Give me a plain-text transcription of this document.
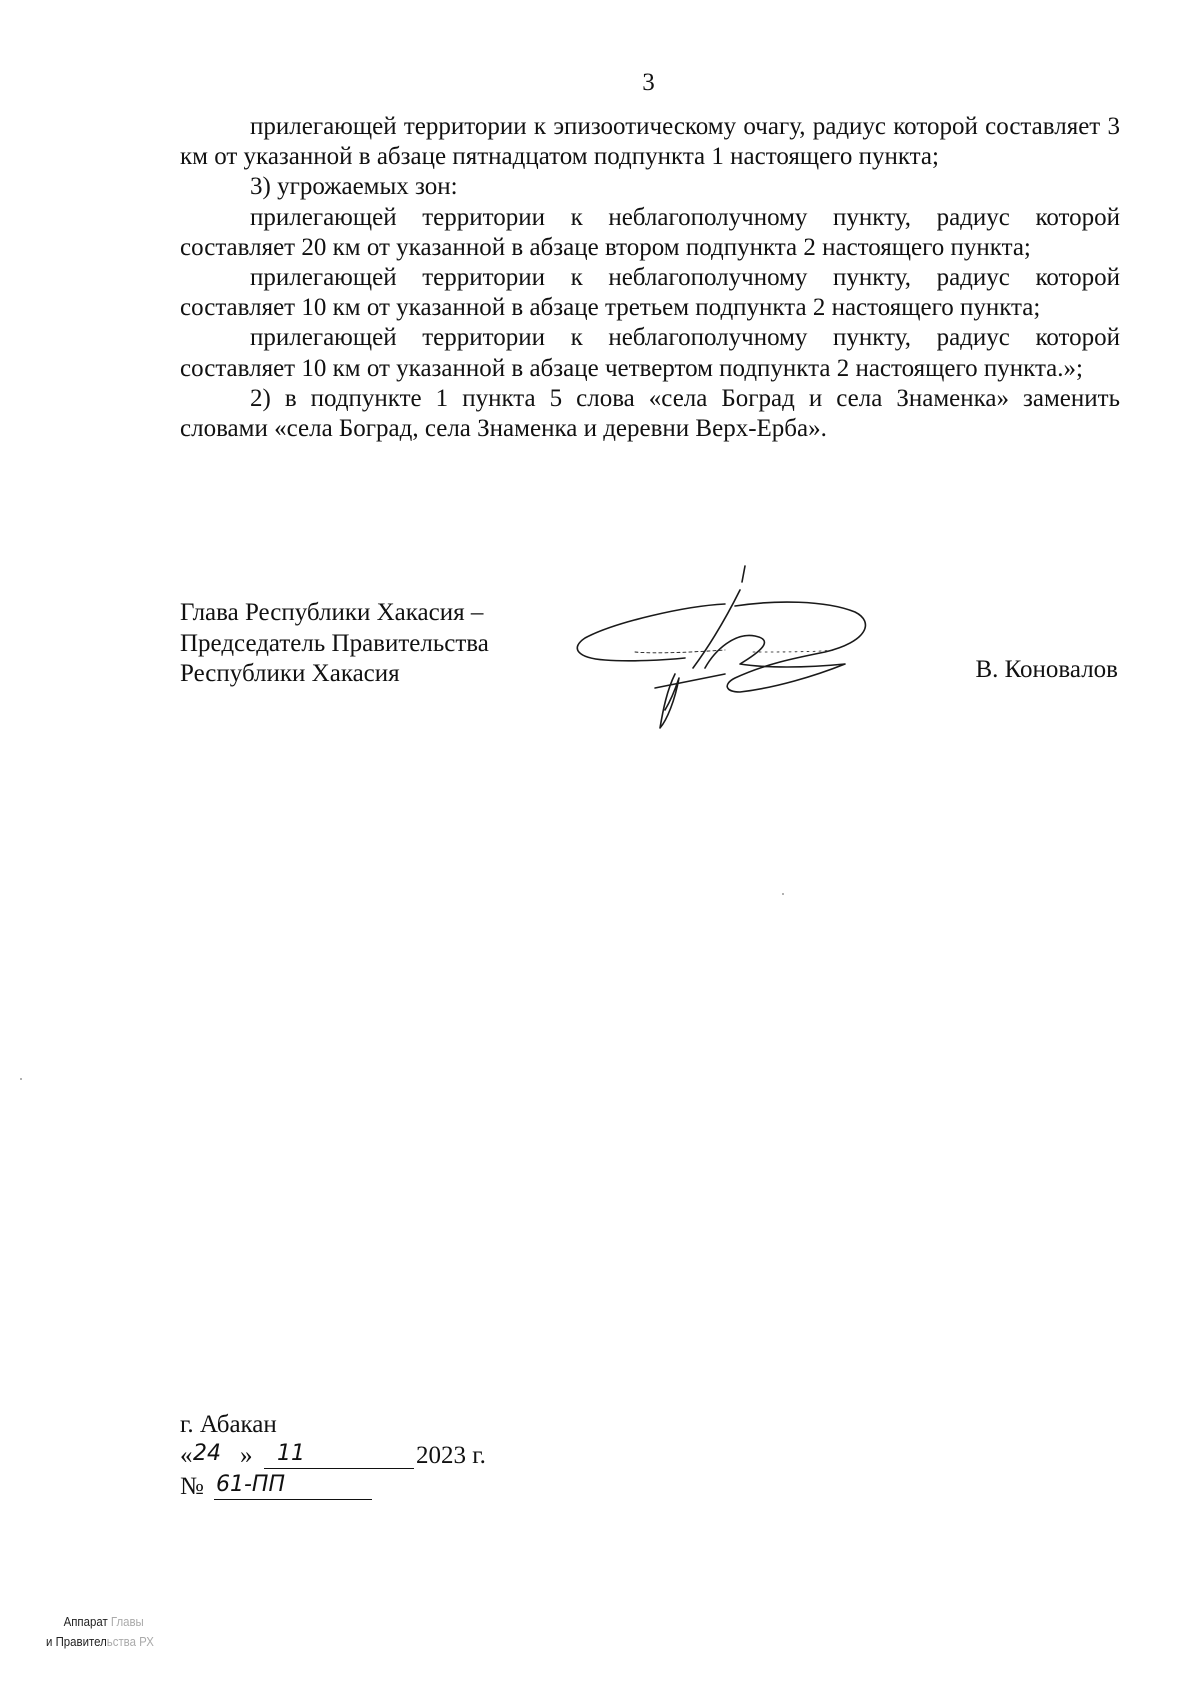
3

прилегающей территории к эпизоотическому очагу, радиус которой составляет 3 км от указанной в абзаце пятнадцатом подпункта 1 настоящего пункта;

3) угрожаемых зон:

прилегающей территории к неблагополучному пункту, радиус которой составляет 20 км от указанной в абзаце втором подпункта 2 настоящего пункта;

прилегающей территории к неблагополучному пункту, радиус которой составляет 10 км от указанной в абзаце третьем подпункта 2 настоящего пункта;

прилегающей территории к неблагополучному пункту, радиус которой составляет 10 км от указанной в абзаце четвертом подпункта 2 настоящего пункта.»;

2) в подпункте 1 пункта 5 слова «села Боград и села Знаменка» заменить словами «села Боград, села Знаменка и деревни Верх-Ерба».

Глава Республики Хакасия –
Председатель Правительства
Республики Хакасия	В. Коновалов
г. Абакан
« 24 » 11	2023 г.
№ 61-ПП
Аппарат Главы
и Правительства РХ
